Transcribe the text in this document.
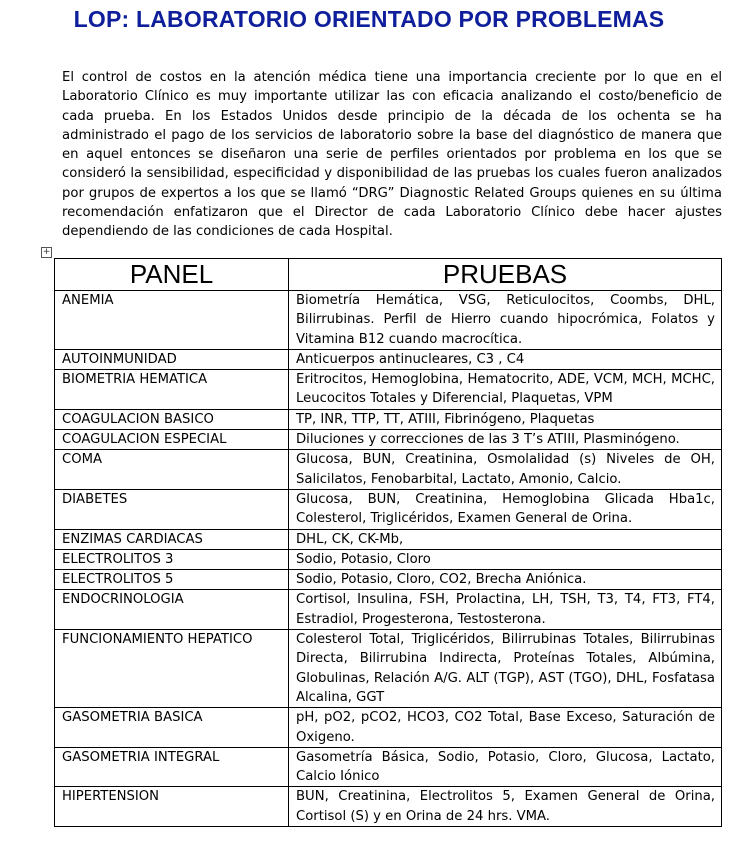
LOP: LABORATORIO ORIENTADO POR PROBLEMAS

El control de costos en la atención médica tiene una importancia creciente por lo que en el Laboratorio Clínico es muy importante utilizar las con eficacia analizando el costo/beneficio de cada prueba. En los Estados Unidos desde principio de la década de los ochenta se ha administrado el pago de los servicios de laboratorio sobre la base del diagnóstico de manera que en aquel entonces se diseñaron una serie de perfiles orientados por problema en los que se consideró la sensibilidad, especificidad y disponibilidad de las pruebas los cuales fueron analizados por grupos de expertos a los que se llamó “DRG” Diagnostic Related Groups quienes en su última recomendación enfatizaron que el Director de cada Laboratorio Clínico debe hacer ajustes dependiendo de las condiciones de cada Hospital.

+
PANEL	PRUEBAS
ANEMIA	Biometría Hemática, VSG, Reticulocitos, Coombs, DHL, Bilirrubinas. Perfil de Hierro cuando hipocrómica, Folatos y Vitamina B12 cuando macrocítica.
AUTOINMUNIDAD	Anticuerpos antinucleares, C3 , C4
BIOMETRIA HEMATICA	Eritrocitos, Hemoglobina, Hematocrito, ADE, VCM, MCH, MCHC, Leucocitos Totales y Diferencial, Plaquetas, VPM
COAGULACION BASICO	TP, INR, TTP, TT, ATIII, Fibrinógeno, Plaquetas
COAGULACION ESPECIAL	Diluciones y correcciones de las 3 T’s ATIII, Plasminógeno.
COMA	Glucosa, BUN, Creatinina, Osmolalidad (s) Niveles de OH, Salicilatos, Fenobarbital, Lactato, Amonio, Calcio.
DIABETES	Glucosa, BUN, Creatinina, Hemoglobina Glicada Hba1c, Colesterol, Triglicéridos, Examen General de Orina.
ENZIMAS CARDIACAS	DHL, CK, CK-Mb,
ELECTROLITOS 3	Sodio, Potasio, Cloro
ELECTROLITOS 5	Sodio, Potasio, Cloro, CO2, Brecha Aniónica.
ENDOCRINOLOGIA	Cortisol, Insulina, FSH, Prolactina, LH, TSH, T3, T4, FT3, FT4, Estradiol, Progesterona, Testosterona.
FUNCIONAMIENTO HEPATICO	Colesterol Total, Triglicéridos, Bilirrubinas Totales, Bilirrubinas Directa, Bilirrubina Indirecta, Proteínas Totales, Albúmina, Globulinas, Relación A/G. ALT (TGP), AST (TGO), DHL, Fosfatasa Alcalina, GGT
GASOMETRIA BASICA	pH, pO2, pCO2, HCO3, CO2 Total, Base Exceso, Saturación de Oxigeno.
GASOMETRIA INTEGRAL	Gasometría Básica, Sodio, Potasio, Cloro, Glucosa, Lactato, Calcio Iónico
HIPERTENSION	BUN, Creatinina, Electrolitos 5, Examen General de Orina, Cortisol (S) y en Orina de 24 hrs. VMA.
